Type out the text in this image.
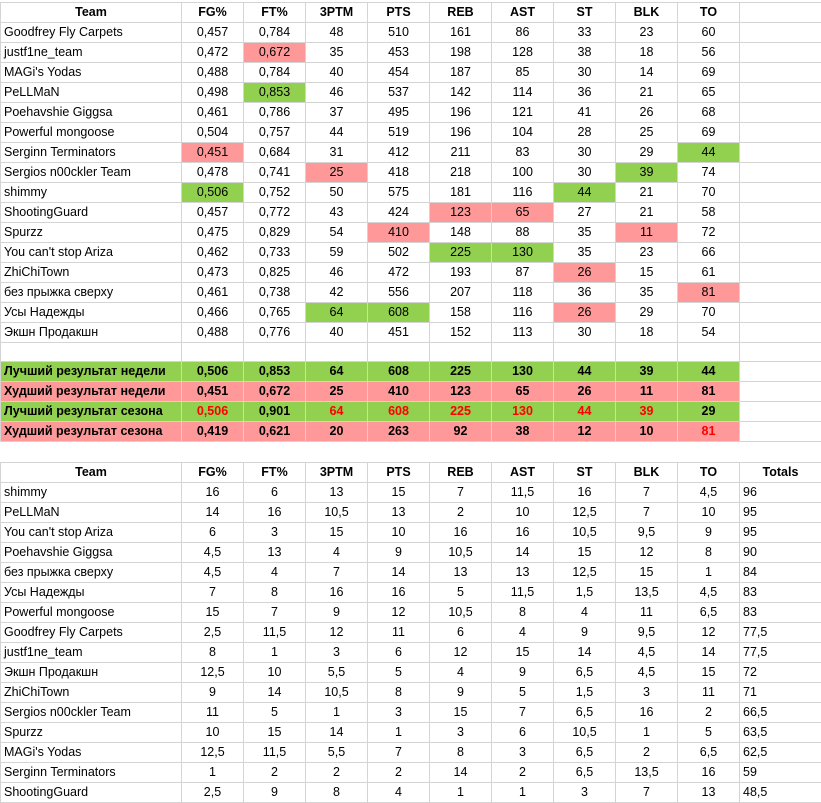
Team	FG%	FT%	3PTM	PTS	REB	AST	ST	BLK	TO	
Goodfrey Fly Carpets	0,457	0,784	48	510	161	86	33	23	60	
justf1ne_team	0,472	0,672	35	453	198	128	38	18	56	
MAGi's Yodas	0,488	0,784	40	454	187	85	30	14	69	
PeLLMaN	0,498	0,853	46	537	142	114	36	21	65	
Poehavshie Giggsa	0,461	0,786	37	495	196	121	41	26	68	
Powerful mongoose	0,504	0,757	44	519	196	104	28	25	69	
Serginn Terminators	0,451	0,684	31	412	211	83	30	29	44	
Sergios n00ckler Team	0,478	0,741	25	418	218	100	30	39	74	
shimmy	0,506	0,752	50	575	181	116	44	21	70	
ShootingGuard	0,457	0,772	43	424	123	65	27	21	58	
Spurzz	0,475	0,829	54	410	148	88	35	11	72	
You can't stop Ariza	0,462	0,733	59	502	225	130	35	23	66	
ZhiChiTown	0,473	0,825	46	472	193	87	26	15	61	
без прыжка сверху	0,461	0,738	42	556	207	118	36	35	81	
Усы Надежды	0,466	0,765	64	608	158	116	26	29	70	
Экшн Продакшн	0,488	0,776	40	451	152	113	30	18	54	

Лучший результат недели	0,506	0,853	64	608	225	130	44	39	44	
Худший результат недели	0,451	0,672	25	410	123	65	26	11	81	
Лучший результат сезона	0,506	0,901	64	608	225	130	44	39	29	
Худший результат сезона	0,419	0,621	20	263	92	38	12	10	81	
Team	FG%	FT%	3PTM	PTS	REB	AST	ST	BLK	TO	Totals
shimmy	16	6	13	15	7	11,5	16	7	4,5	96
PeLLMaN	14	16	10,5	13	2	10	12,5	7	10	95
You can't stop Ariza	6	3	15	10	16	16	10,5	9,5	9	95
Poehavshie Giggsa	4,5	13	4	9	10,5	14	15	12	8	90
без прыжка сверху	4,5	4	7	14	13	13	12,5	15	1	84
Усы Надежды	7	8	16	16	5	11,5	1,5	13,5	4,5	83
Powerful mongoose	15	7	9	12	10,5	8	4	11	6,5	83
Goodfrey Fly Carpets	2,5	11,5	12	11	6	4	9	9,5	12	77,5
justf1ne_team	8	1	3	6	12	15	14	4,5	14	77,5
Экшн Продакшн	12,5	10	5,5	5	4	9	6,5	4,5	15	72
ZhiChiTown	9	14	10,5	8	9	5	1,5	3	11	71
Sergios n00ckler Team	11	5	1	3	15	7	6,5	16	2	66,5
Spurzz	10	15	14	1	3	6	10,5	1	5	63,5
MAGi's Yodas	12,5	11,5	5,5	7	8	3	6,5	2	6,5	62,5
Serginn Terminators	1	2	2	2	14	2	6,5	13,5	16	59
ShootingGuard	2,5	9	8	4	1	1	3	7	13	48,5
